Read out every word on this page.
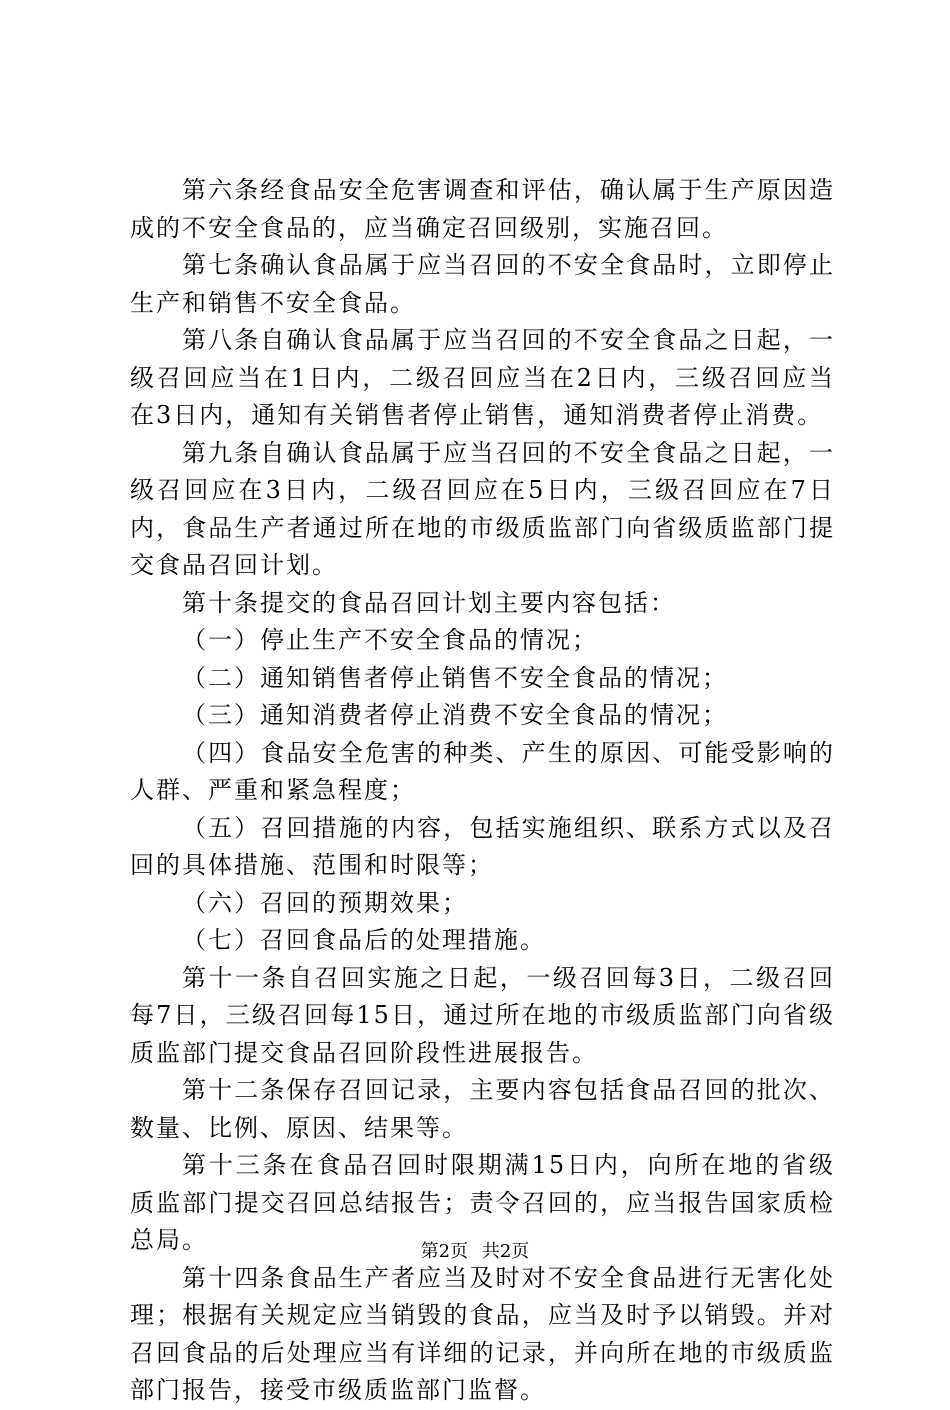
第六条经食品安全危害调查和评估，确认属于生产原因造成的不安全食品的，应当确定召回级别，实施召回。

第七条确认食品属于应当召回的不安全食品时，立即停止生产和销售不安全食品。

第八条自确认食品属于应当召回的不安全食品之日起，一级召回应当在1日内，二级召回应当在2日内，三级召回应当在3日内，通知有关销售者停止销售，通知消费者停止消费。

第九条自确认食品属于应当召回的不安全食品之日起，一级召回应在3日内，二级召回应在5日内，三级召回应在7日内，食品生产者通过所在地的市级质监部门向省级质监部门提交食品召回计划。

第十条提交的食品召回计划主要内容包括：

（一）停止生产不安全食品的情况；

（二）通知销售者停止销售不安全食品的情况；

（三）通知消费者停止消费不安全食品的情况；

（四）食品安全危害的种类、产生的原因、可能受影响的人群、严重和紧急程度；

（五）召回措施的内容，包括实施组织、联系方式以及召回的具体措施、范围和时限等；

（六）召回的预期效果；

（七）召回食品后的处理措施。

第十一条自召回实施之日起，一级召回每3日，二级召回每7日，三级召回每15日，通过所在地的市级质监部门向省级质监部门提交食品召回阶段性进展报告。

第十二条保存召回记录，主要内容包括食品召回的批次、数量、比例、原因、结果等。

第十三条在食品召回时限期满15日内，向所在地的省级质监部门提交召回总结报告；责令召回的，应当报告国家质检总局。

第十四条食品生产者应当及时对不安全食品进行无害化处理；根据有关规定应当销毁的食品，应当及时予以销毁。并对召回食品的后处理应当有详细的记录，并向所在地的市级质监部门报告，接受市级质监部门监督。

第2页 共2页
